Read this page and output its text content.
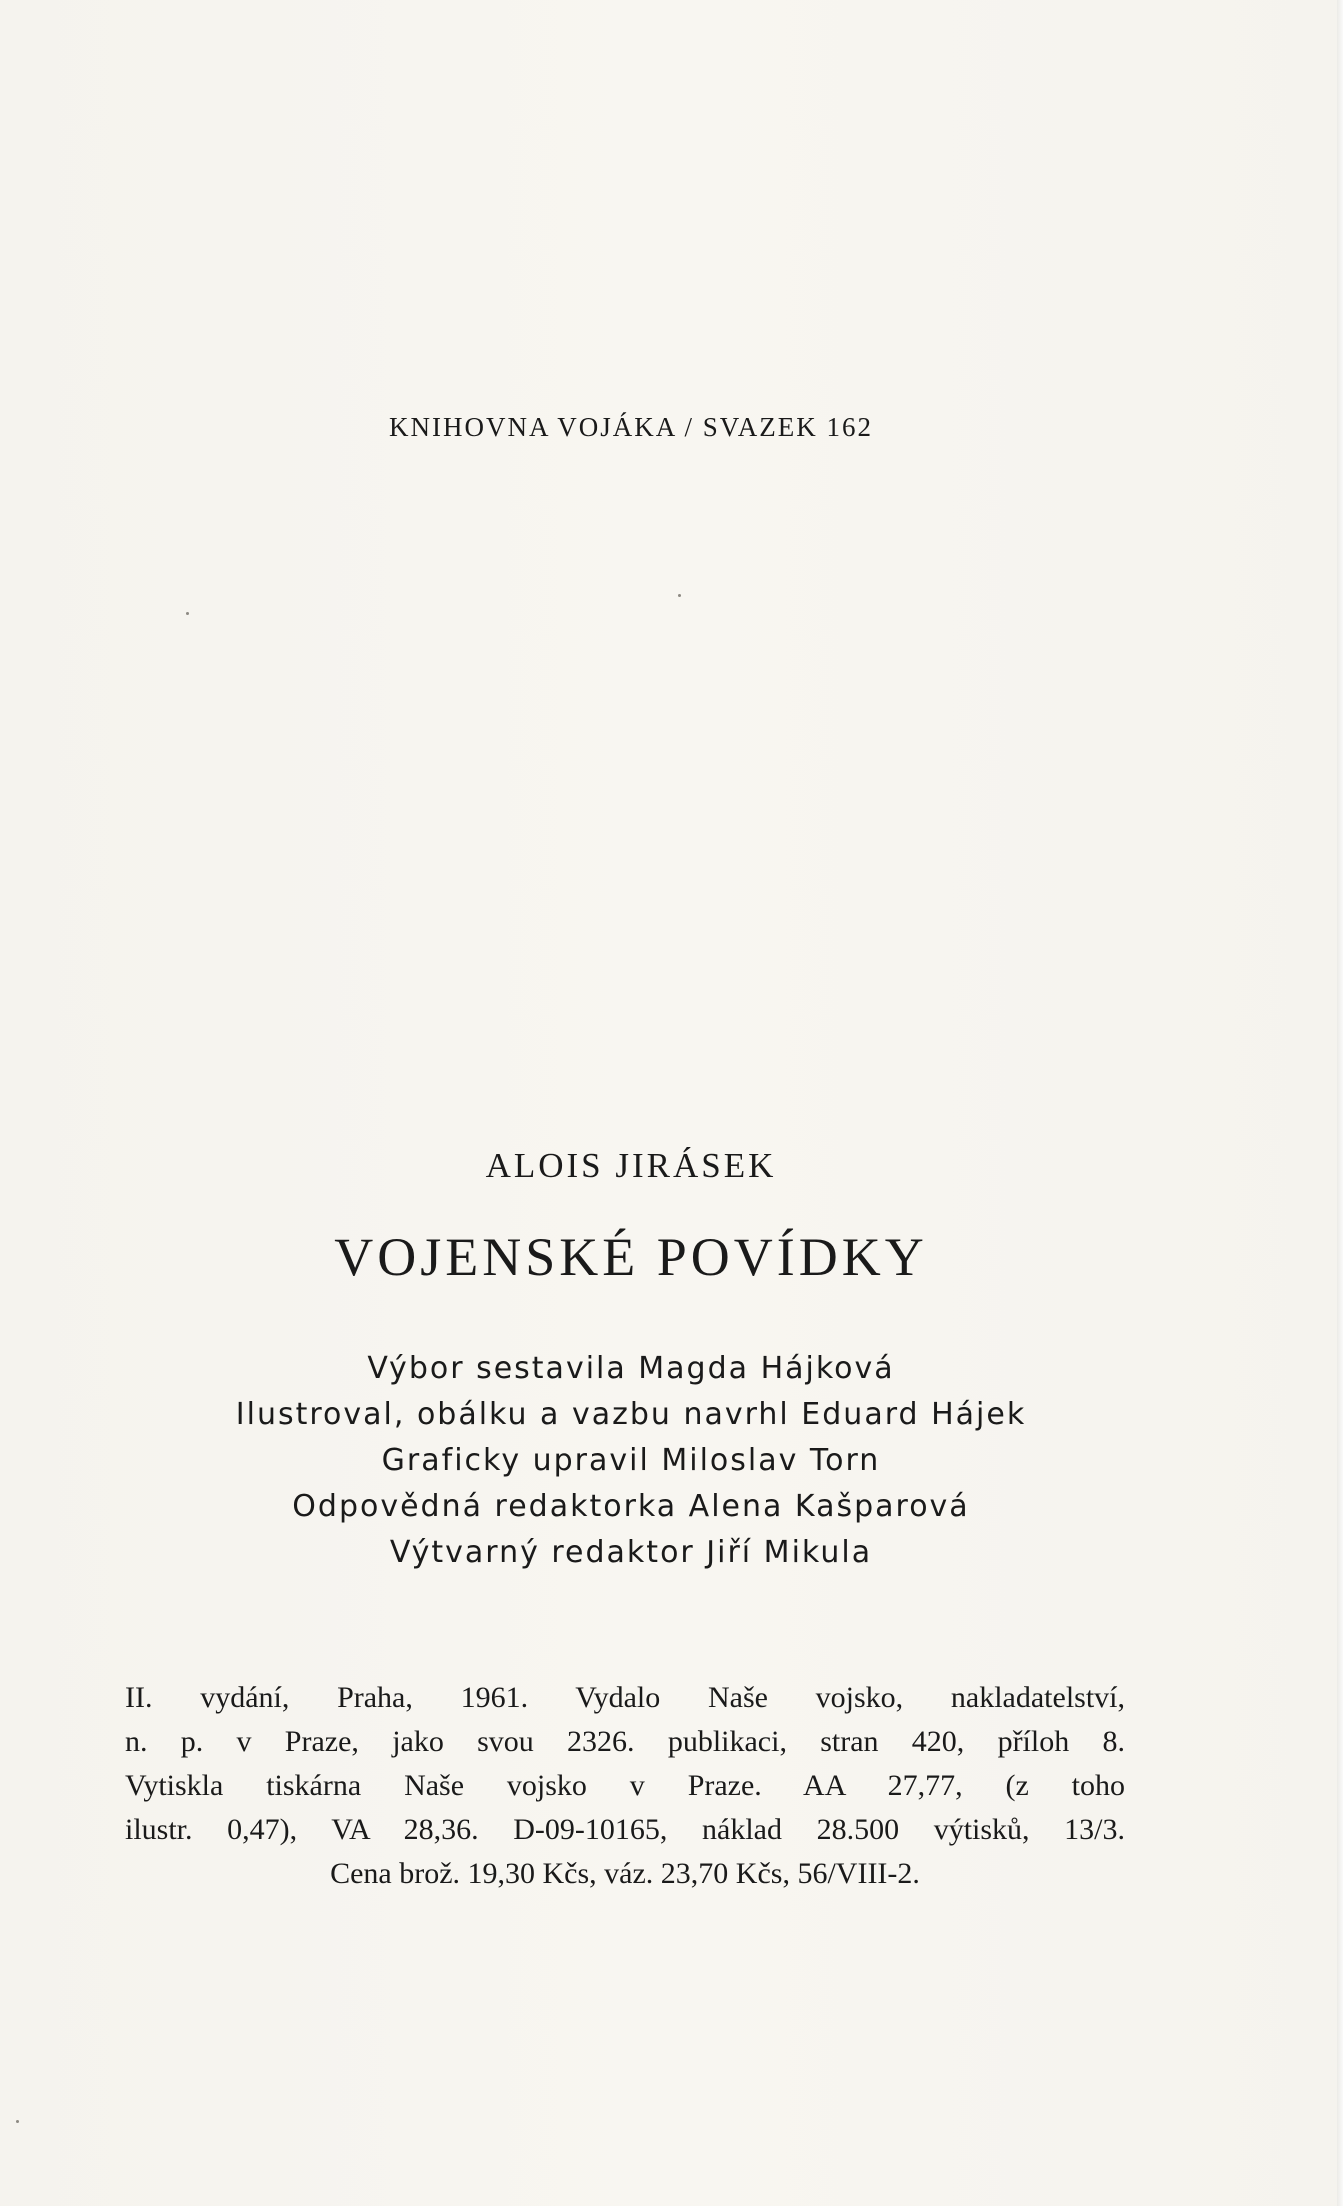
KNIHOVNA VOJÁKA / SVAZEK 162
ALOIS JIRÁSEK
VOJENSKÉ POVÍDKY
Výbor sestavila Magda Hájková
Ilustroval, obálku a vazbu navrhl Eduard Hájek
Graficky upravil Miloslav Torn
Odpovědná redaktorka Alena Kašparová
Výtvarný redaktor Jiří Mikula
II. vydání, Praha, 1961. Vydalo Naše vojsko, nakladatelství,
n. p. v Praze, jako svou 2326. publikaci, stran 420, příloh 8.
Vytiskla tiskárna Naše vojsko v Praze. AA 27,77, (z toho
ilustr. 0,47), VA 28,36. D-09-10165, náklad 28.500 výtisků, 13/3.
Cena brož. 19,30 Kčs, váz. 23,70 Kčs, 56/VIII-2.
